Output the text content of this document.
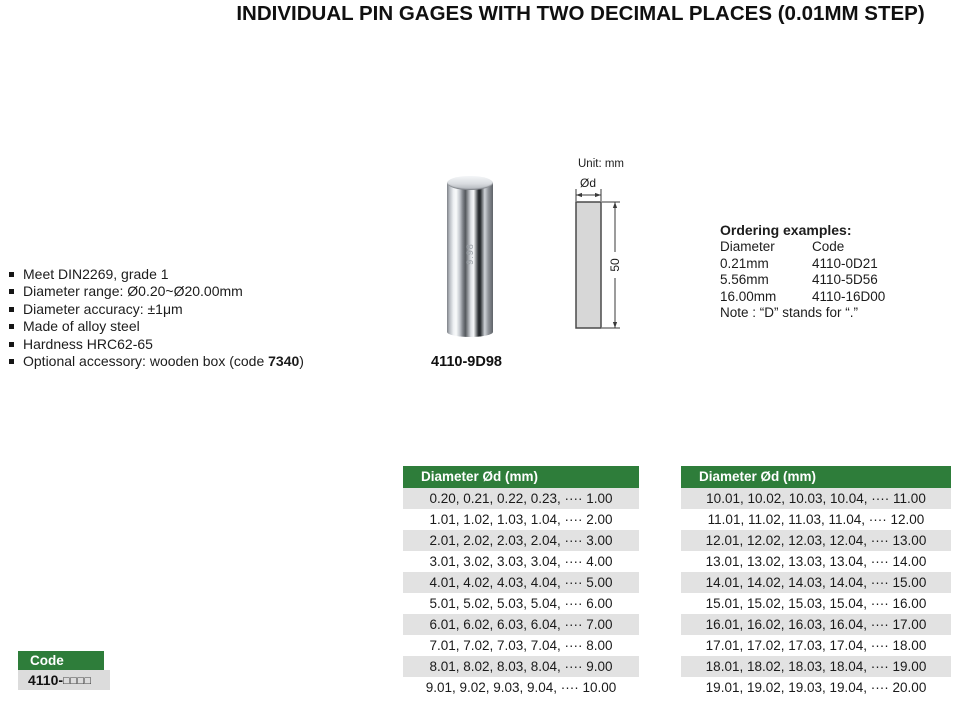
INDIVIDUAL PIN GAGES WITH TWO DECIMAL PLACES (0.01MM STEP)
Meet DIN2269, grade 1
Diameter range: Ø0.20~Ø20.00mm
Diameter accuracy: ±1μm
Made of alloy steel
Hardness HRC62-65
Optional accessory: wooden box (code 7340)
9.98
4110-9D98
Unit: mm
Ød
50
Ordering examples:
Diameter	Code
0.21mm	4110-0D21
5.56mm	4110-5D56
16.00mm	4110-16D00
Note : “D” stands for “.”
Code
4110-□□□□
Diameter Ød (mm)
0.20, 0.21, 0.22, 0.23, ···· 1.00
1.01, 1.02, 1.03, 1.04, ···· 2.00
2.01, 2.02, 2.03, 2.04, ···· 3.00
3.01, 3.02, 3.03, 3.04, ···· 4.00
4.01, 4.02, 4.03, 4.04, ···· 5.00
5.01, 5.02, 5.03, 5.04, ···· 6.00
6.01, 6.02, 6.03, 6.04, ···· 7.00
7.01, 7.02, 7.03, 7.04, ···· 8.00
8.01, 8.02, 8.03, 8.04, ···· 9.00
9.01, 9.02, 9.03, 9.04, ···· 10.00
Diameter Ød (mm)
10.01, 10.02, 10.03, 10.04, ···· 11.00
11.01, 11.02, 11.03, 11.04, ···· 12.00
12.01, 12.02, 12.03, 12.04, ···· 13.00
13.01, 13.02, 13.03, 13.04, ···· 14.00
14.01, 14.02, 14.03, 14.04, ···· 15.00
15.01, 15.02, 15.03, 15.04, ···· 16.00
16.01, 16.02, 16.03, 16.04, ···· 17.00
17.01, 17.02, 17.03, 17.04, ···· 18.00
18.01, 18.02, 18.03, 18.04, ···· 19.00
19.01, 19.02, 19.03, 19.04, ···· 20.00
